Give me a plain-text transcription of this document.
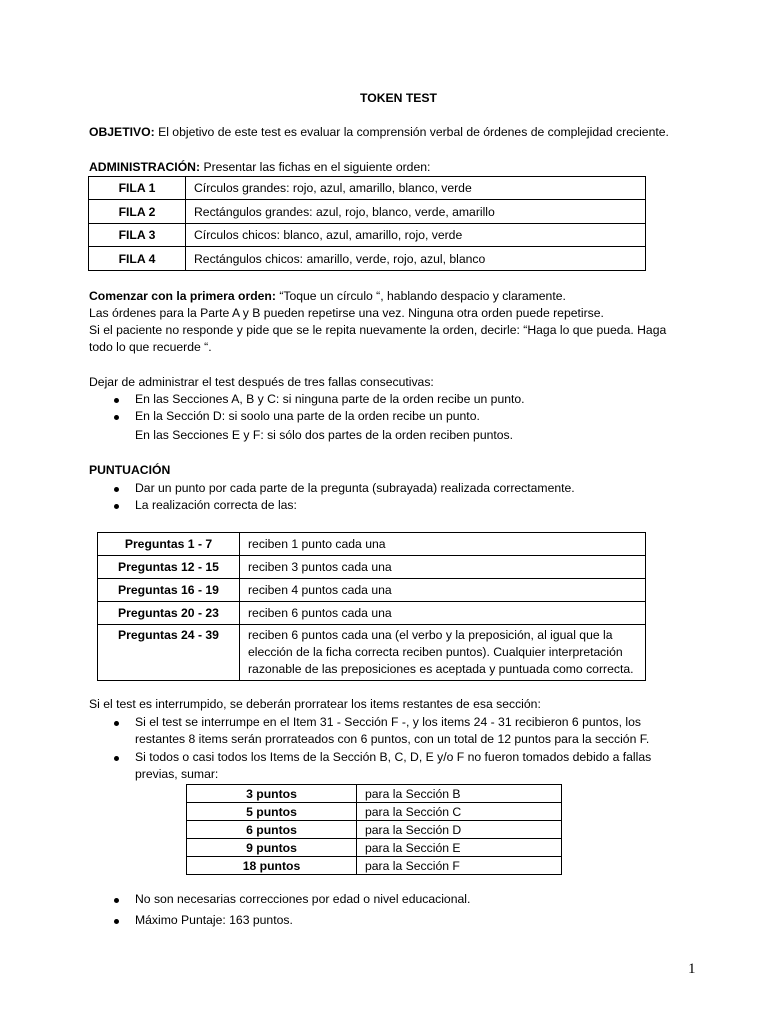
TOKEN TEST
OBJETIVO: El objetivo de este test es evaluar la comprensión verbal de órdenes de complejidad creciente.
ADMINISTRACIÓN: Presentar las fichas en el siguiente orden:
FILA 1	Círculos grandes: rojo, azul, amarillo, blanco, verde
FILA 2	Rectángulos grandes: azul, rojo, blanco, verde, amarillo
FILA 3	Círculos chicos: blanco, azul, amarillo, rojo, verde
FILA 4	Rectángulos chicos: amarillo, verde, rojo, azul, blanco
Comenzar con la primera orden: “Toque un círculo “, hablando despacio y claramente.
Las órdenes para la Parte A y B pueden repetirse una vez. Ninguna otra orden puede repetirse.
Si el paciente no responde y pide que se le repita nuevamente la orden, decirle: “Haga lo que pueda. Haga
todo lo que recuerde “.
Dejar de administrar el test después de tres fallas consecutivas:
En las Secciones A, B y C: si ninguna parte de la orden recibe un punto.
En la Sección D: si soolo una parte de la orden recibe un punto.
En las Secciones E y F: si sólo dos partes de la orden reciben puntos.
PUNTUACIÓN
Dar un punto por cada parte de la pregunta (subrayada) realizada correctamente.
La realización correcta de las:
Preguntas 1 - 7	reciben 1 punto cada una
Preguntas 12 - 15	reciben 3 puntos cada una
Preguntas 16 - 19	reciben 4 puntos cada una
Preguntas 20 - 23	reciben 6 puntos cada una
Preguntas 24 - 39	reciben 6 puntos cada una (el verbo y la preposición, al igual que la
elección de la ficha correcta reciben puntos). Cualquier interpretación
razonable de las preposiciones es aceptada y puntuada como correcta.
Si el test es interrumpido, se deberán prorratear los items restantes de esa sección:
Si el test se interrumpe en el Item 31 - Sección F -, y los items 24 - 31 recibieron 6 puntos, los
restantes 8 items serán prorrateados con 6 puntos, con un total de 12 puntos para la sección F.
Si todos o casi todos los Items de la Sección B, C, D, E y/o F no fueron tomados debido a fallas
previas, sumar:
3 puntos	para la Sección B
5 puntos	para la Sección C
6 puntos	para la Sección D
9 puntos	para la Sección E
18 puntos	para la Sección F
No son necesarias correcciones por edad o nivel educacional.
Máximo Puntaje: 163 puntos.
1
